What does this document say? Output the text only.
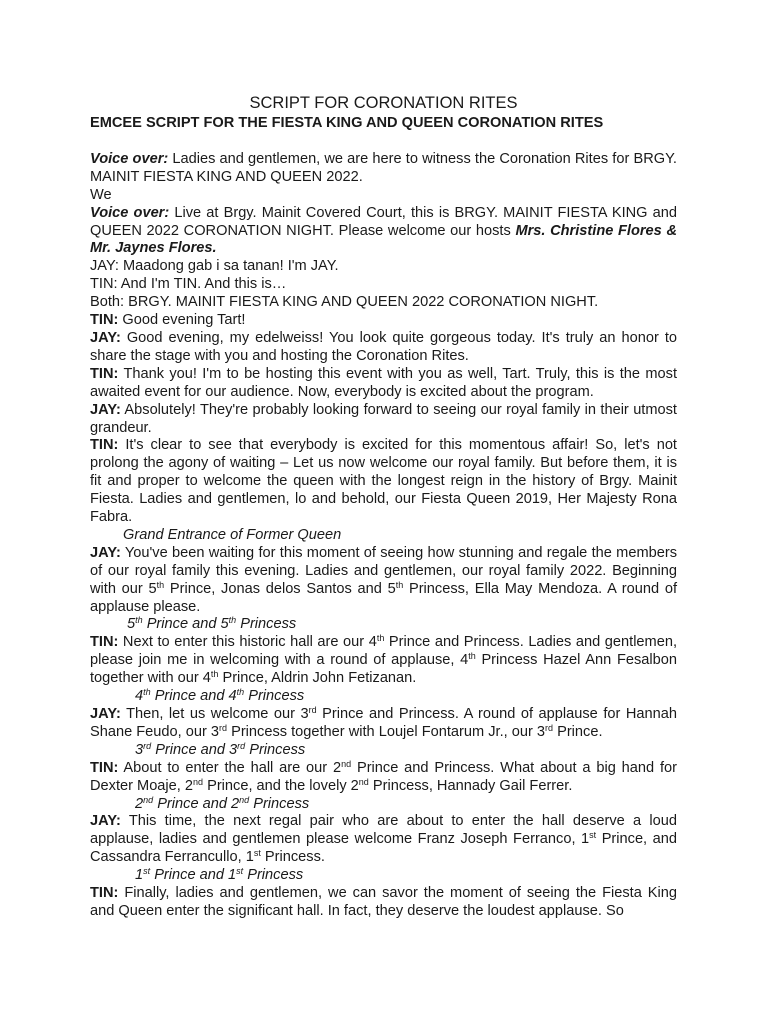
SCRIPT FOR CORONATION RITES
EMCEE SCRIPT FOR THE FIESTA KING AND QUEEN CORONATION RITES

Voice over: Ladies and gentlemen, we are here to witness the Coronation Rites for BRGY. MAINIT FIESTA KING AND QUEEN 2022.

We

Voice over: Live at Brgy. Mainit Covered Court, this is BRGY. MAINIT FIESTA KING and QUEEN 2022 CORONATION NIGHT. Please welcome our hosts Mrs. Christine Flores & Mr. Jaynes Flores.

JAY: Maadong gab i sa tanan! I'm JAY.

TIN: And I'm TIN. And this is…

Both: BRGY. MAINIT FIESTA KING AND QUEEN 2022 CORONATION NIGHT.

TIN: Good evening Tart!

JAY: Good evening, my edelweiss! You look quite gorgeous today. It's truly an honor to share the stage with you and hosting the Coronation Rites.

TIN: Thank you! I'm to be hosting this event with you as well, Tart. Truly, this is the most awaited event for our audience. Now, everybody is excited about the program.

JAY: Absolutely! They're probably looking forward to seeing our royal family in their utmost grandeur.

TIN: It's clear to see that everybody is excited for this momentous affair! So, let's not prolong the agony of waiting – Let us now welcome our royal family. But before them, it is fit and proper to welcome the queen with the longest reign in the history of Brgy. Mainit Fiesta. Ladies and gentlemen, lo and behold, our Fiesta Queen 2019, Her Majesty Rona Fabra.

Grand Entrance of Former Queen

JAY: You've been waiting for this moment of seeing how stunning and regale the members of our royal family this evening. Ladies and gentlemen, our royal family 2022. Beginning with our 5th Prince, Jonas delos Santos and 5th Princess, Ella May Mendoza. A round of applause please.

5th Prince and 5th Princess

TIN: Next to enter this historic hall are our 4th Prince and Princess. Ladies and gentlemen, please join me in welcoming with a round of applause, 4th Princess Hazel Ann Fesalbon together with our 4th Prince, Aldrin John Fetizanan.

4th Prince and 4th Princess

JAY: Then, let us welcome our 3rd Prince and Princess. A round of applause for Hannah Shane Feudo, our 3rd Princess together with Loujel Fontarum Jr., our 3rd Prince.

3rd Prince and 3rd Princess

TIN: About to enter the hall are our 2nd Prince and Princess. What about a big hand for Dexter Moaje, 2nd Prince, and the lovely 2nd Princess, Hannady Gail Ferrer.

2nd Prince and 2nd Princess

JAY: This time, the next regal pair who are about to enter the hall deserve a loud applause, ladies and gentlemen please welcome Franz Joseph Ferranco, 1st Prince, and Cassandra Ferrancullo, 1st Princess.

1st Prince and 1st Princess

TIN: Finally, ladies and gentlemen, we can savor the moment of seeing the Fiesta King and Queen enter the significant hall. In fact, they deserve the loudest applause. So
